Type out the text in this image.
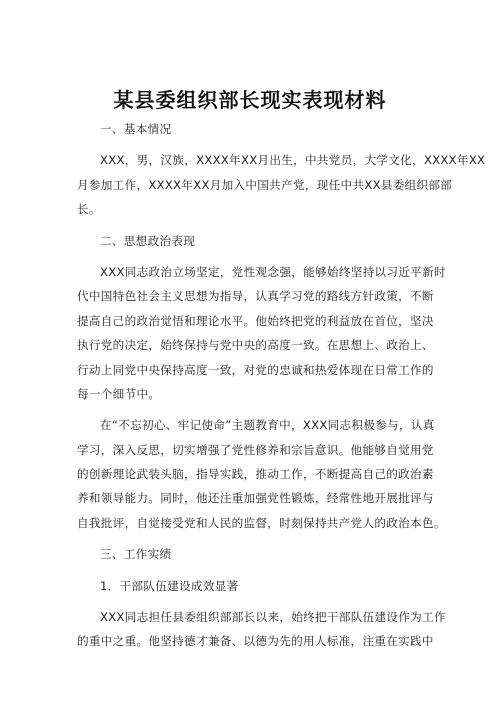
某县委组织部长现实表现材料
一、基本情况
XXX，男，汉族，XXXX年XX月出生，中共党员，大学文化，XXXX年XX
月参加工作，XXXX年XX月加入中国共产党，现任中共XX县委组织部部
长。
二、思想政治表现
XXX同志政治立场坚定，党性观念强，能够始终坚持以习近平新时
代中国特色社会主义思想为指导，认真学习党的路线方针政策，不断
提高自己的政治觉悟和理论水平。他始终把党的利益放在首位，坚决
执行党的决定，始终保持与党中央的高度一致。在思想上、政治上、
行动上同党中央保持高度一致，对党的忠诚和热爱体现在日常工作的
每一个细节中。
在“不忘初心、牢记使命”主题教育中，XXX同志积极参与，认真
学习，深入反思，切实增强了党性修养和宗旨意识。他能够自觉用党
的创新理论武装头脑，指导实践，推动工作，不断提高自己的政治素
养和领导能力。同时，他还注重加强党性锻炼，经常性地开展批评与
自我批评，自觉接受党和人民的监督，时刻保持共产党人的政治本色。
三、工作实绩
1．干部队伍建设成效显著
XXX同志担任县委组织部部长以来，始终把干部队伍建设作为工作
的重中之重。他坚持德才兼备、以德为先的用人标准，注重在实践中
